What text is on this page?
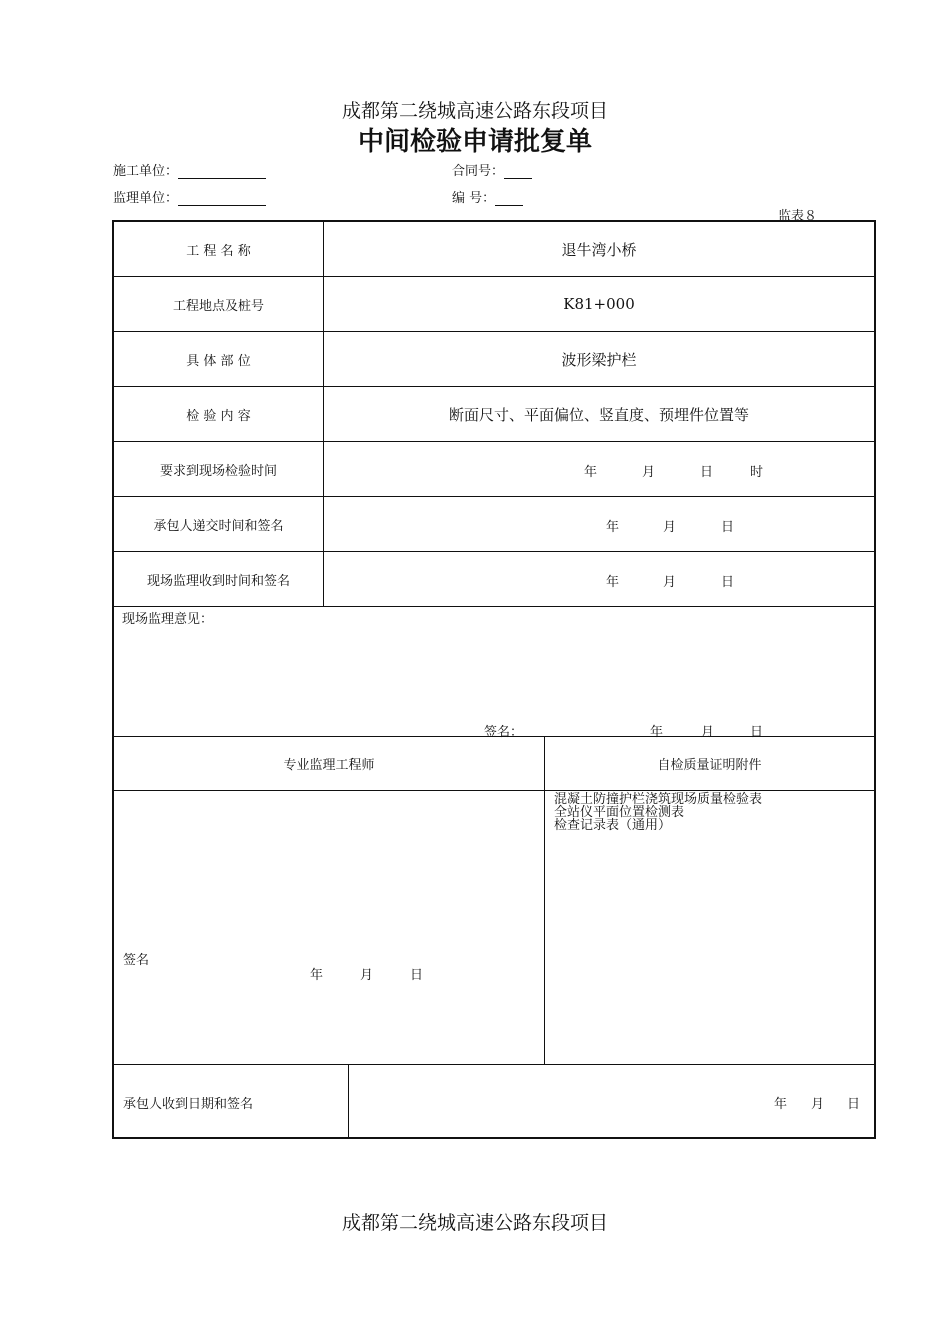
成都第二绕城高速公路东段项目
中间检验申请批复单
施工单位：	合同号：
监理单位：	编 号：
监表８
工 程 名 称	退牛湾小桥
工程地点及桩号	K81+000
具 体 部 位	波形梁护栏
检 验 内 容	断面尺寸、平面偏位、竖直度、预埋件位置等
要求到现场检验时间	年	月	日	时
承包人递交时间和签名	年	月	日
现场监理收到时间和签名	年	月	日
现场监理意见：
签名：	年	月	日
专业监理工程师	自检质量证明附件
签名
年	月	日
混凝土防撞护栏浇筑现场质量检验表
全站仪平面位置检测表
检查记录表（通用）
承包人收到日期和签名	年 月 日
成都第二绕城高速公路东段项目
